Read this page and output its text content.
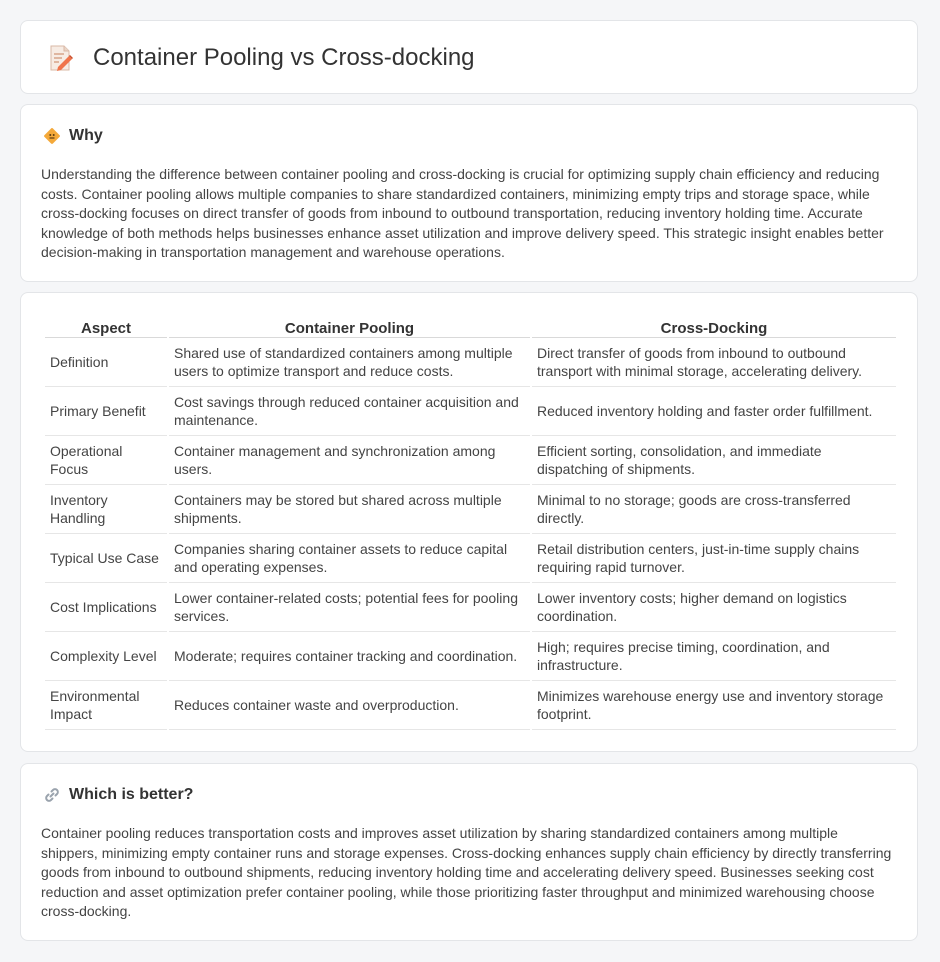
Container Pooling vs Cross-docking
Why

Understanding the difference between container pooling and cross-docking is crucial for optimizing supply chain efficiency and reducing costs. Container pooling allows multiple companies to share standardized containers, minimizing empty trips and storage space, while cross-docking focuses on direct transfer of goods from inbound to outbound transportation, reducing inventory holding time. Accurate knowledge of both methods helps businesses enhance asset utilization and improve delivery speed. This strategic insight enables better decision-making in transportation management and warehouse operations.

Aspect	Container Pooling	Cross-Docking
Definition	Shared use of standardized containers among multiple users to optimize transport and reduce costs.	Direct transfer of goods from inbound to outbound transport with minimal storage, accelerating delivery.
Primary Benefit	Cost savings through reduced container acquisition and maintenance.	Reduced inventory holding and faster order fulfillment.
Operational Focus	Container management and synchronization among users.	Efficient sorting, consolidation, and immediate dispatching of shipments.
Inventory Handling	Containers may be stored but shared across multiple shipments.	Minimal to no storage; goods are cross-transferred directly.
Typical Use Case	Companies sharing container assets to reduce capital and operating expenses.	Retail distribution centers, just-in-time supply chains requiring rapid turnover.
Cost Implications	Lower container-related costs; potential fees for pooling services.	Lower inventory costs; higher demand on logistics coordination.
Complexity Level	Moderate; requires container tracking and coordination.	High; requires precise timing, coordination, and infrastructure.
Environmental Impact	Reduces container waste and overproduction.	Minimizes warehouse energy use and inventory storage footprint.
Which is better?

Container pooling reduces transportation costs and improves asset utilization by sharing standardized containers among multiple shippers, minimizing empty container runs and storage expenses. Cross-docking enhances supply chain efficiency by directly transferring goods from inbound to outbound shipments, reducing inventory holding time and accelerating delivery speed. Businesses seeking cost reduction and asset optimization prefer container pooling, while those prioritizing faster throughput and minimized warehousing choose cross-docking.
